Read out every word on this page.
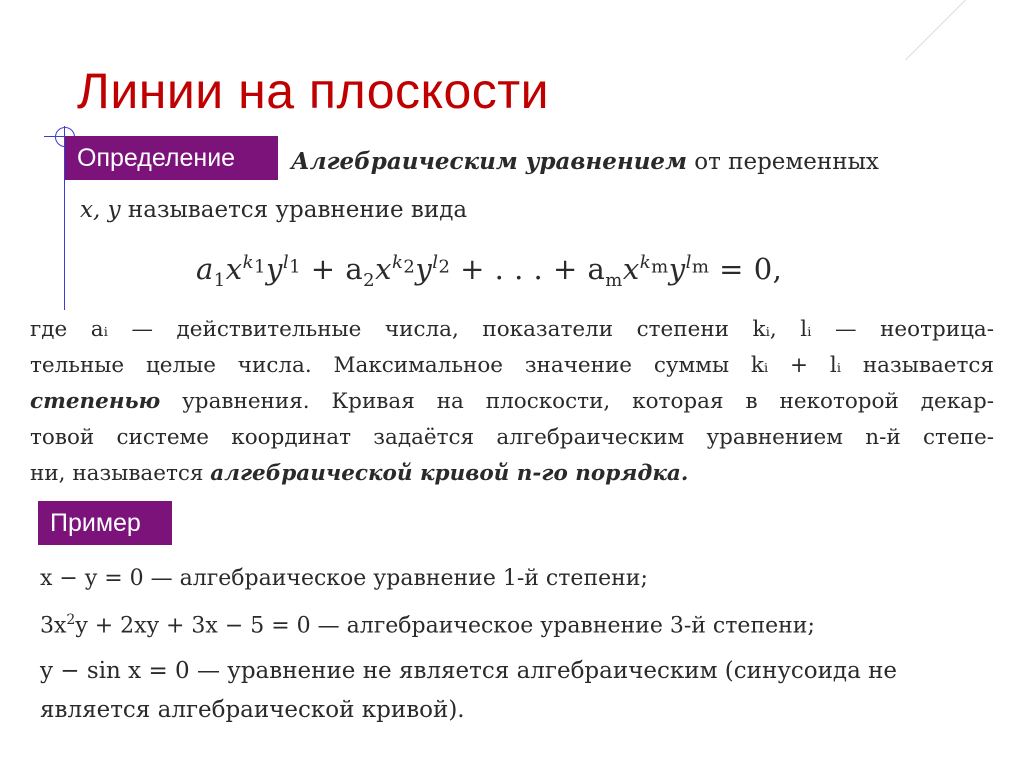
Линии на плоскости
Определение	Алгебраическим уравнением от переменных
x, y называется уравнение вида
$a_1x^{k_1}y^{l_1} + a_2x^{k_2}y^{l_2}$ + . . . + $a_mx^{k_m}y^{l_m} = 0$,
где aᵢ — действительные числа, показатели степени kᵢ, lᵢ — неотрица-
тельные целые числа. Максимальное значение суммы kᵢ + lᵢ называется
степенью уравнения. Кривая на плоскости, которая в некоторой декар-
товой системе координат задаётся алгебраическим уравнением n-й степе-
ни, называется алгебраической кривой n-го порядка.
Пример
x − y = 0 — алгебраическое уравнение 1-й степени;
$3x^2y + 2xy + 3x - 5 = 0$ — алгебраическое уравнение 3-й степени;
y − sin x = 0 — уравнение не является алгебраическим (синусоида не
является алгебраической кривой).
